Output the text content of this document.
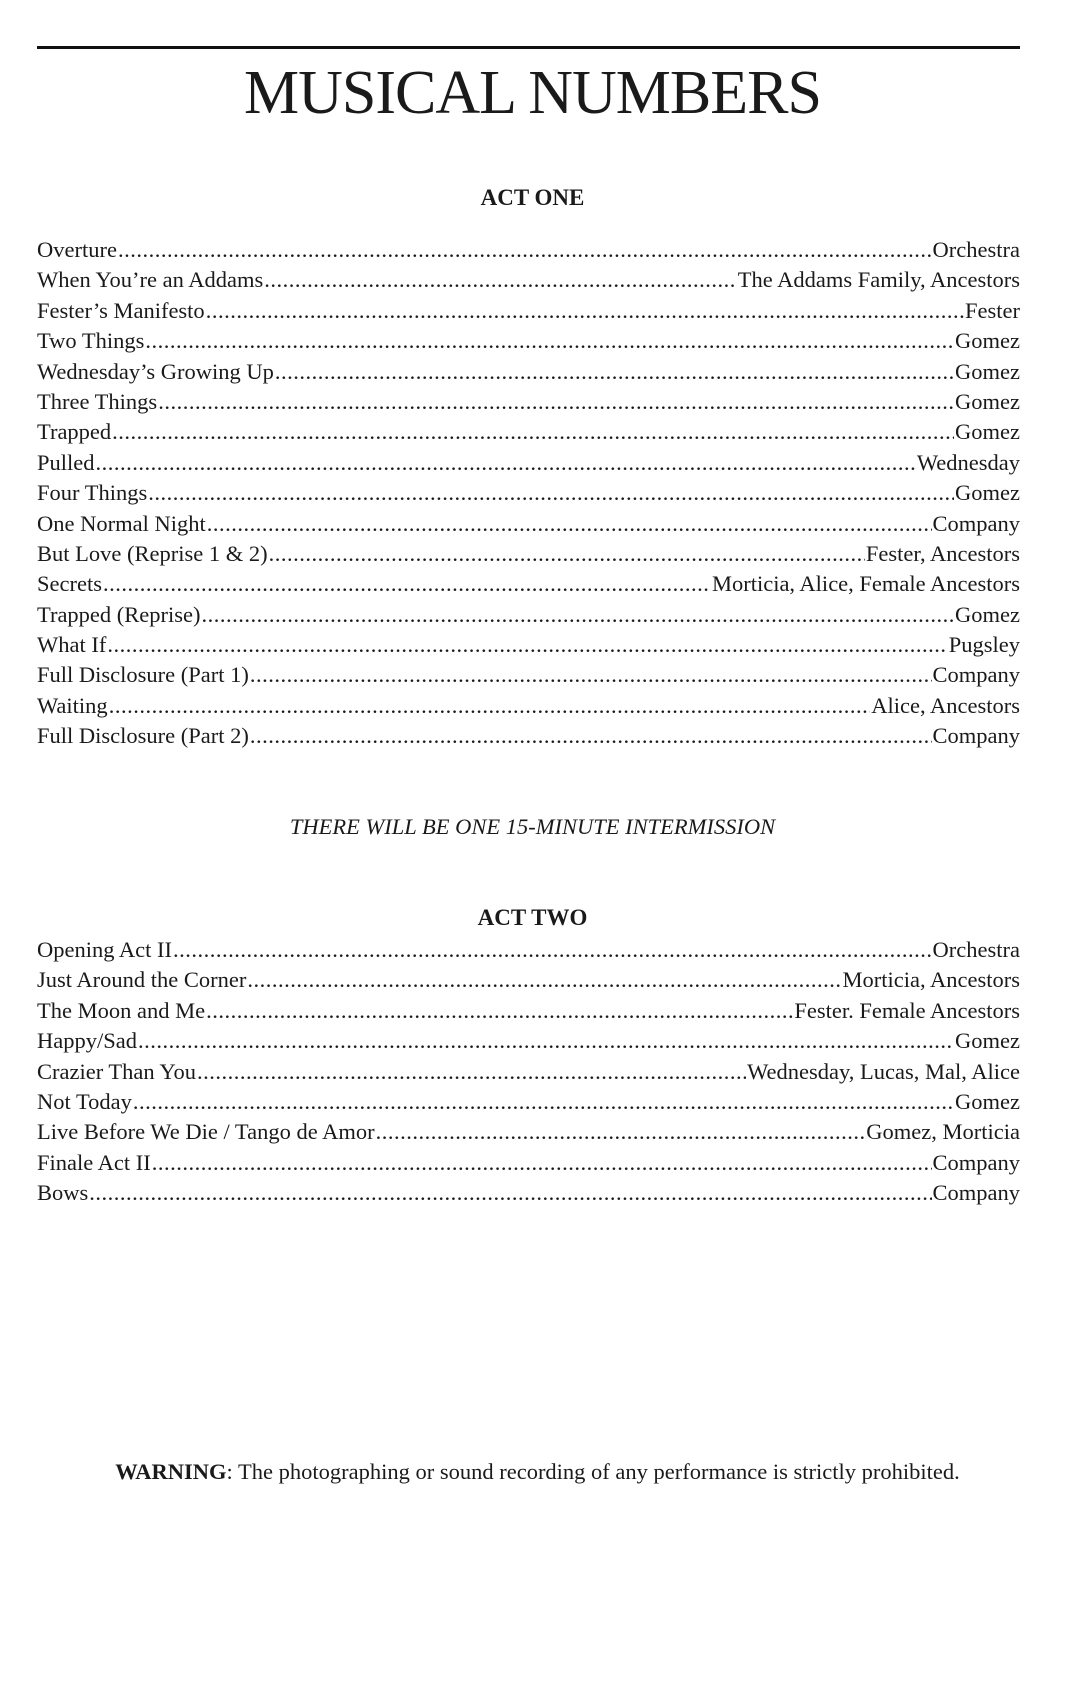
MUSICAL NUMBERS
ACT ONE
Overture .....	Orchestra
When You’re an Addams .....	The Addams Family, Ancestors
Fester’s Manifesto .....	Fester
Two Things .....	Gomez
Wednesday’s Growing Up .....	Gomez
Three Things .....	Gomez
Trapped .....	Gomez
Pulled .....	Wednesday
Four Things .....	Gomez
One Normal Night .....	Company
But Love (Reprise 1 & 2) .....	Fester, Ancestors
Secrets .....	Morticia, Alice, Female Ancestors
Trapped (Reprise) .....	Gomez
What If .....	Pugsley
Full Disclosure (Part 1) .....	Company
Waiting .....	Alice, Ancestors
Full Disclosure (Part 2) .....	Company
THERE WILL BE ONE 15-MINUTE INTERMISSION
ACT TWO
Opening Act II .....	Orchestra
Just Around the Corner .....	Morticia, Ancestors
The Moon and Me .....	Fester. Female Ancestors
Happy/Sad .....	Gomez
Crazier Than You .....	Wednesday, Lucas, Mal, Alice
Not Today .....	Gomez
Live Before We Die / Tango de Amor .....	Gomez, Morticia
Finale Act II .....	Company
Bows .....	Company
WARNING: The photographing or sound recording of any performance is strictly prohibited.
